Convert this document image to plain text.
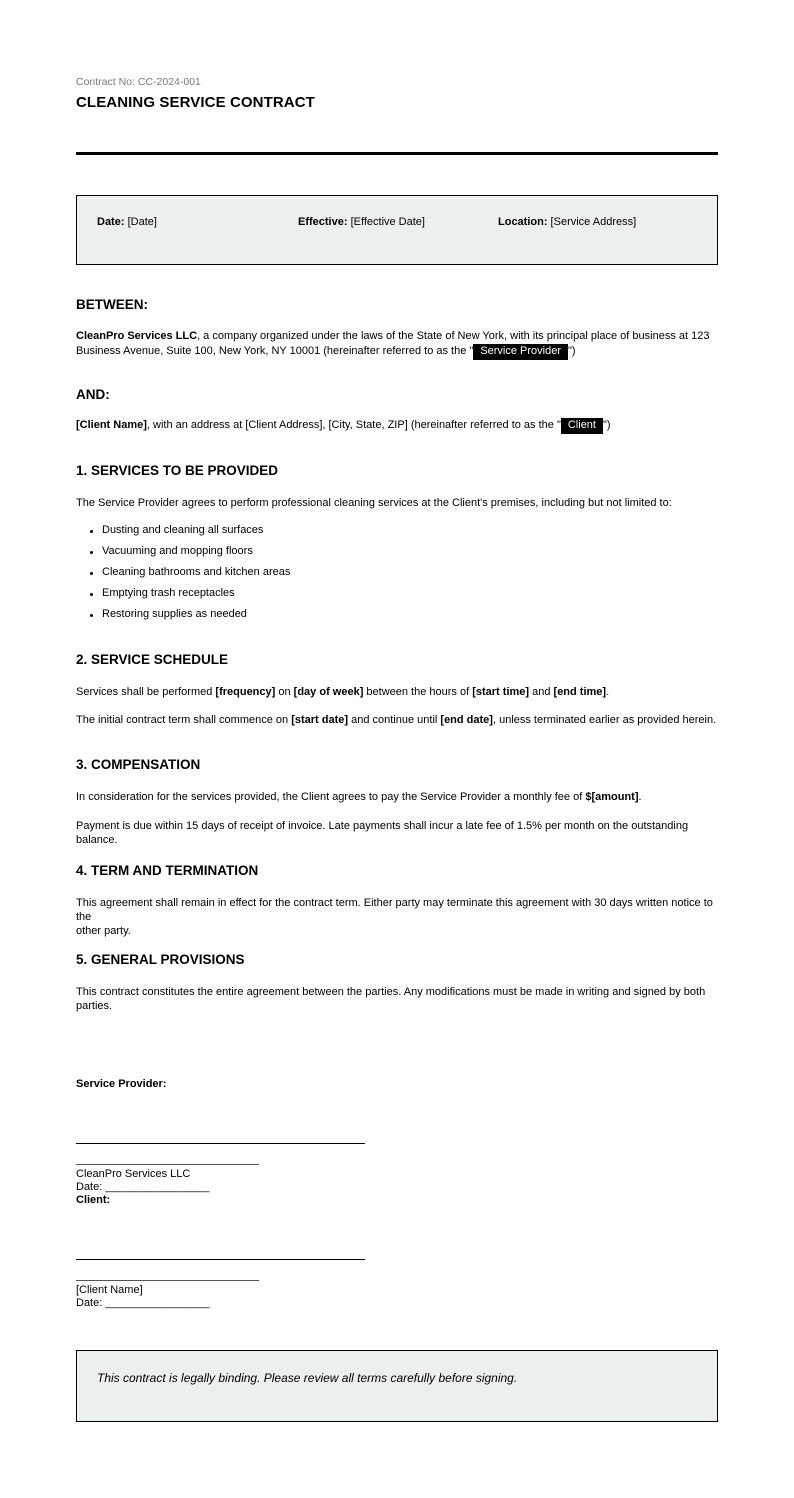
Contract No: CC-2024-001
CLEANING SERVICE CONTRACT
Date: [Date]	Effective: [Effective Date]	Location: [Service Address]
BETWEEN:
CleanPro Services LLC, a company organized under the laws of the State of New York, with its principal place of business at 123
Business Avenue, Suite 100, New York, NY 10001 (hereinafter referred to as the " Service Provider ")
AND:
[Client Name], with an address at [Client Address], [City, State, ZIP] (hereinafter referred to as the " Client ")
1. SERVICES TO BE PROVIDED
The Service Provider agrees to perform professional cleaning services at the Client's premises, including but not limited to:
Dusting and cleaning all surfaces
Vacuuming and mopping floors
Cleaning bathrooms and kitchen areas
Emptying trash receptacles
Restoring supplies as needed
2. SERVICE SCHEDULE
Services shall be performed [frequency] on [day of week] between the hours of [start time] and [end time].
The initial contract term shall commence on [start date] and continue until [end date], unless terminated earlier as provided herein.
3. COMPENSATION
In consideration for the services provided, the Client agrees to pay the Service Provider a monthly fee of $[amount].
Payment is due within 15 days of receipt of invoice. Late payments shall incur a late fee of 1.5% per month on the outstanding balance.
4. TERM AND TERMINATION
This agreement shall remain in effect for the contract term. Either party may terminate this agreement with 30 days written notice to the
other party.
5. GENERAL PROVISIONS
This contract constitutes the entire agreement between the parties. Any modifications must be made in writing and signed by both
parties.
Service Provider:
CleanPro Services LLC
Date: _________________
Client:
[Client Name]
Date: _________________
This contract is legally binding. Please review all terms carefully before signing.
